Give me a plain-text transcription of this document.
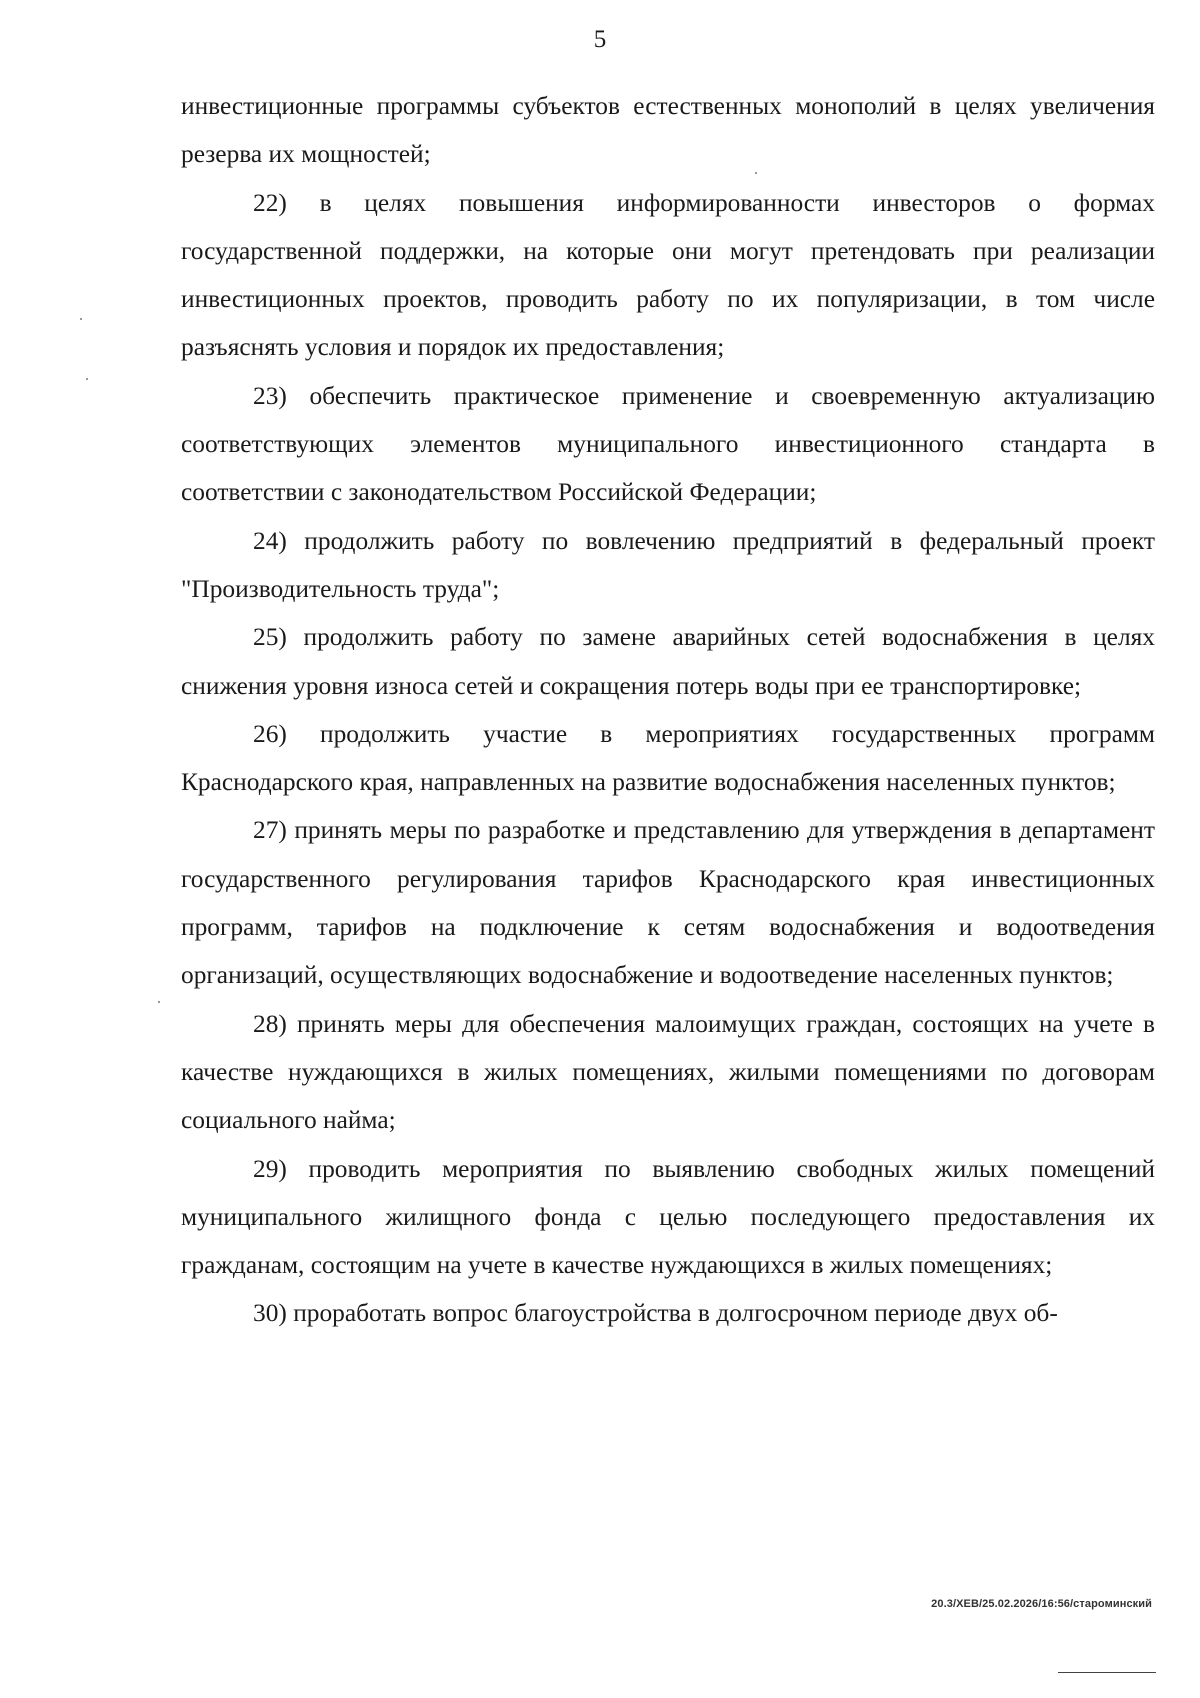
5

инвестиционные программы субъектов естественных монополий в целях увеличения резерва их мощностей;

22) в целях повышения информированности инвесторов о формах государственной поддержки, на которые они могут претендовать при реализации инвестиционных проектов, проводить работу по их популяризации, в том числе разъяснять условия и порядок их предоставления;

23) обеспечить практическое применение и своевременную актуализацию соответствующих элементов муниципального инвестиционного стандарта в соответствии с законодательством Российской Федерации;

24) продолжить работу по вовлечению предприятий в федеральный проект "Производительность труда";

25) продолжить работу по замене аварийных сетей водоснабжения в целях снижения уровня износа сетей и сокращения потерь воды при ее транспортировке;

26) продолжить участие в мероприятиях государственных программ Краснодарского края, направленных на развитие водоснабжения населенных пунктов;

27) принять меры по разработке и представлению для утверждения в департамент государственного регулирования тарифов Краснодарского края инвестиционных программ, тарифов на подключение к сетям водоснабжения и водоотведения организаций, осуществляющих водоснабжение и водоотведение населенных пунктов;

28) принять меры для обеспечения малоимущих граждан, состоящих на учете в качестве нуждающихся в жилых помещениях, жилыми помещениями по договорам социального найма;

29) проводить мероприятия по выявлению свободных жилых помещений муниципального жилищного фонда с целью последующего предоставления их гражданам, состоящим на учете в качестве нуждающихся в жилых помещениях;

30) проработать вопрос благоустройства в долгосрочном периоде двух об-

20.3/ХЕВ/25.02.2026/16:56/староминский
